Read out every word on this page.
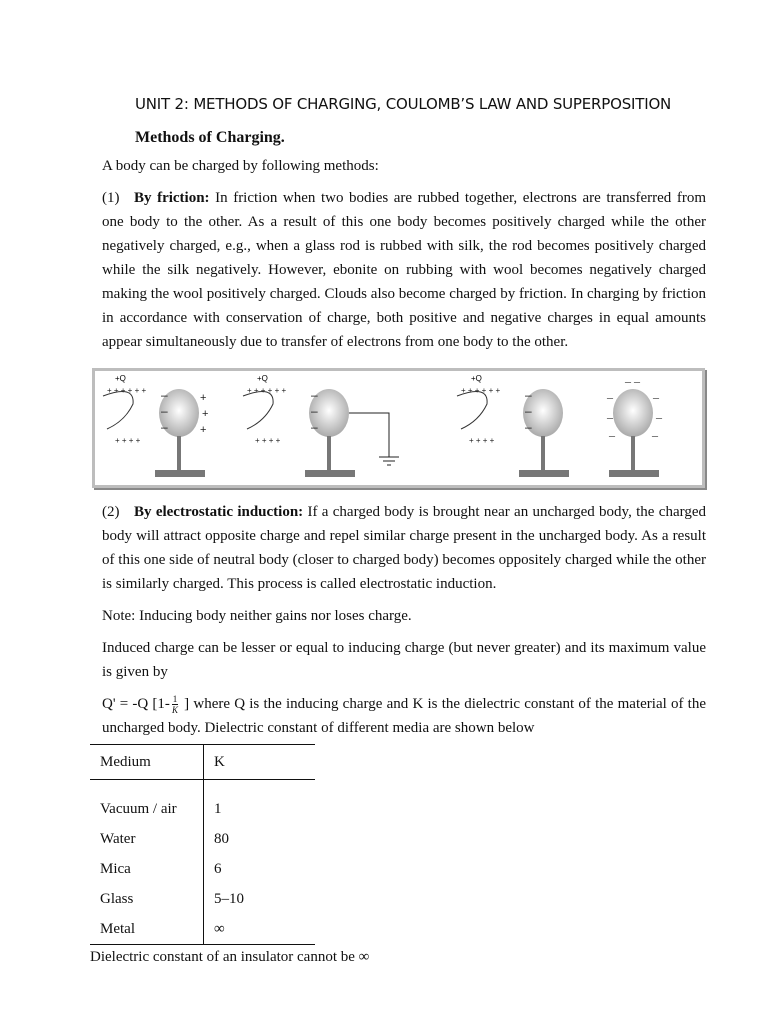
UNIT 2: METHODS OF CHARGING, COULOMB’S LAW AND SUPERPOSITION
Methods of Charging.
A body can be charged by following methods:
(1) By friction: In friction when two bodies are rubbed together, electrons are transferred from one body to the other. As a result of this one body becomes positively charged while the other negatively charged, e.g., when a glass rod is rubbed with silk, the rod becomes positively charged while the silk negatively. However, ebonite on rubbing with wool becomes negatively charged making the wool positively charged. Clouds also become charged by friction. In charging by friction in accordance with conservation of charge, both positive and negative charges in equal amounts appear simultaneously due to transfer of electrons from one body to the other.
+ + + + + +
+ + + +
–
–
–
+
+
+
+ + + + + +
+ + + +
–
–
–
+ + + + + +
+ + + +
–
–
–
–
–
–
– –
–
–
–
+Q	+Q	+Q
(2) By electrostatic induction: If a charged body is brought near an uncharged body, the charged body will attract opposite charge and repel similar charge present in the uncharged body. As a result of this one side of neutral body (closer to charged body) becomes oppositely charged while the other is similarly charged. This process is called electrostatic induction.
Note: Inducing body neither gains nor loses charge.
Induced charge can be lesser or equal to inducing charge (but never greater) and its maximum value is given by
Q' = -Q [$1- \frac{1}{K}$ ] where Q is the inducing charge and K is the dielectric constant of the material of the uncharged body. Dielectric constant of different media are shown below
Medium	K
Vacuum / air	1
Water	80
Mica	6
Glass	5–10
Metal	∞
Dielectric constant of an insulator cannot be ∞
